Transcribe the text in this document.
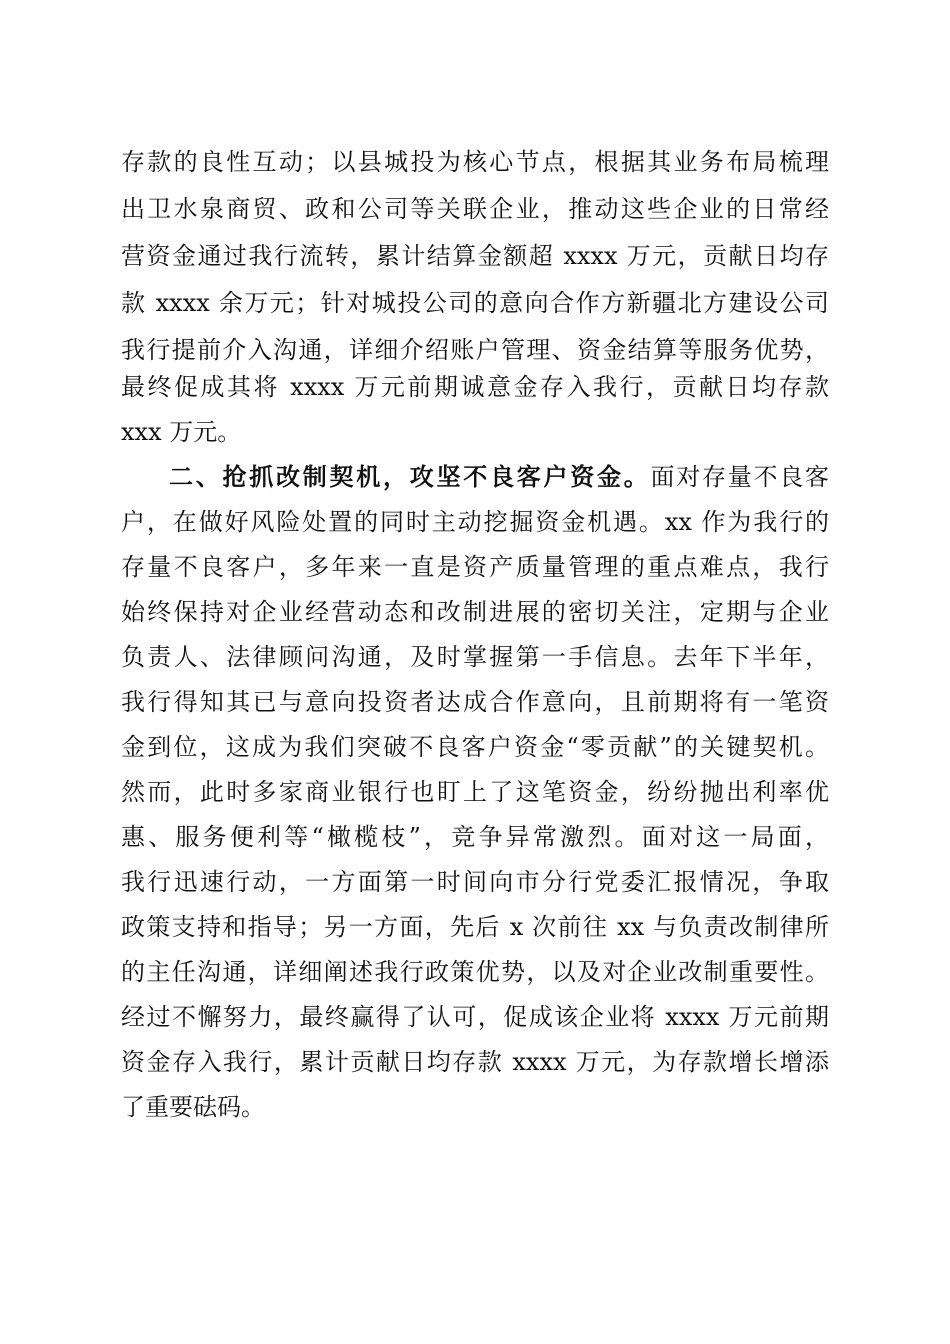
存款的良性互动；以县城投为核心节点，根据其业务布局梳理
出卫水泉商贸、政和公司等关联企业，推动这些企业的日常经
营资金通过我行流转，累计结算金额超 xxxx 万元，贡献日均存
款 xxxx 余万元；针对城投公司的意向合作方新疆北方建设公司
我行提前介入沟通，详细介绍账户管理、资金结算等服务优势，
最终促成其将 xxxx 万元前期诚意金存入我行，贡献日均存款
xxx 万元。
二、抢抓改制契机，攻坚不良客户资金。面对存量不良客
户，在做好风险处置的同时主动挖掘资金机遇。xx 作为我行的
存量不良客户，多年来一直是资产质量管理的重点难点，我行
始终保持对企业经营动态和改制进展的密切关注，定期与企业
负责人、法律顾问沟通，及时掌握第一手信息。去年下半年，
我行得知其已与意向投资者达成合作意向，且前期将有一笔资
金到位，这成为我们突破不良客户资金“零贡献”的关键契机。
然而，此时多家商业银行也盯上了这笔资金，纷纷抛出利率优
惠、服务便利等“橄榄枝”，竞争异常激烈。面对这一局面，
我行迅速行动，一方面第一时间向市分行党委汇报情况，争取
政策支持和指导；另一方面，先后 x 次前往 xx 与负责改制律所
的主任沟通，详细阐述我行政策优势，以及对企业改制重要性。
经过不懈努力，最终赢得了认可，促成该企业将 xxxx 万元前期
资金存入我行，累计贡献日均存款 xxxx 万元，为存款增长增添
了重要砝码。
